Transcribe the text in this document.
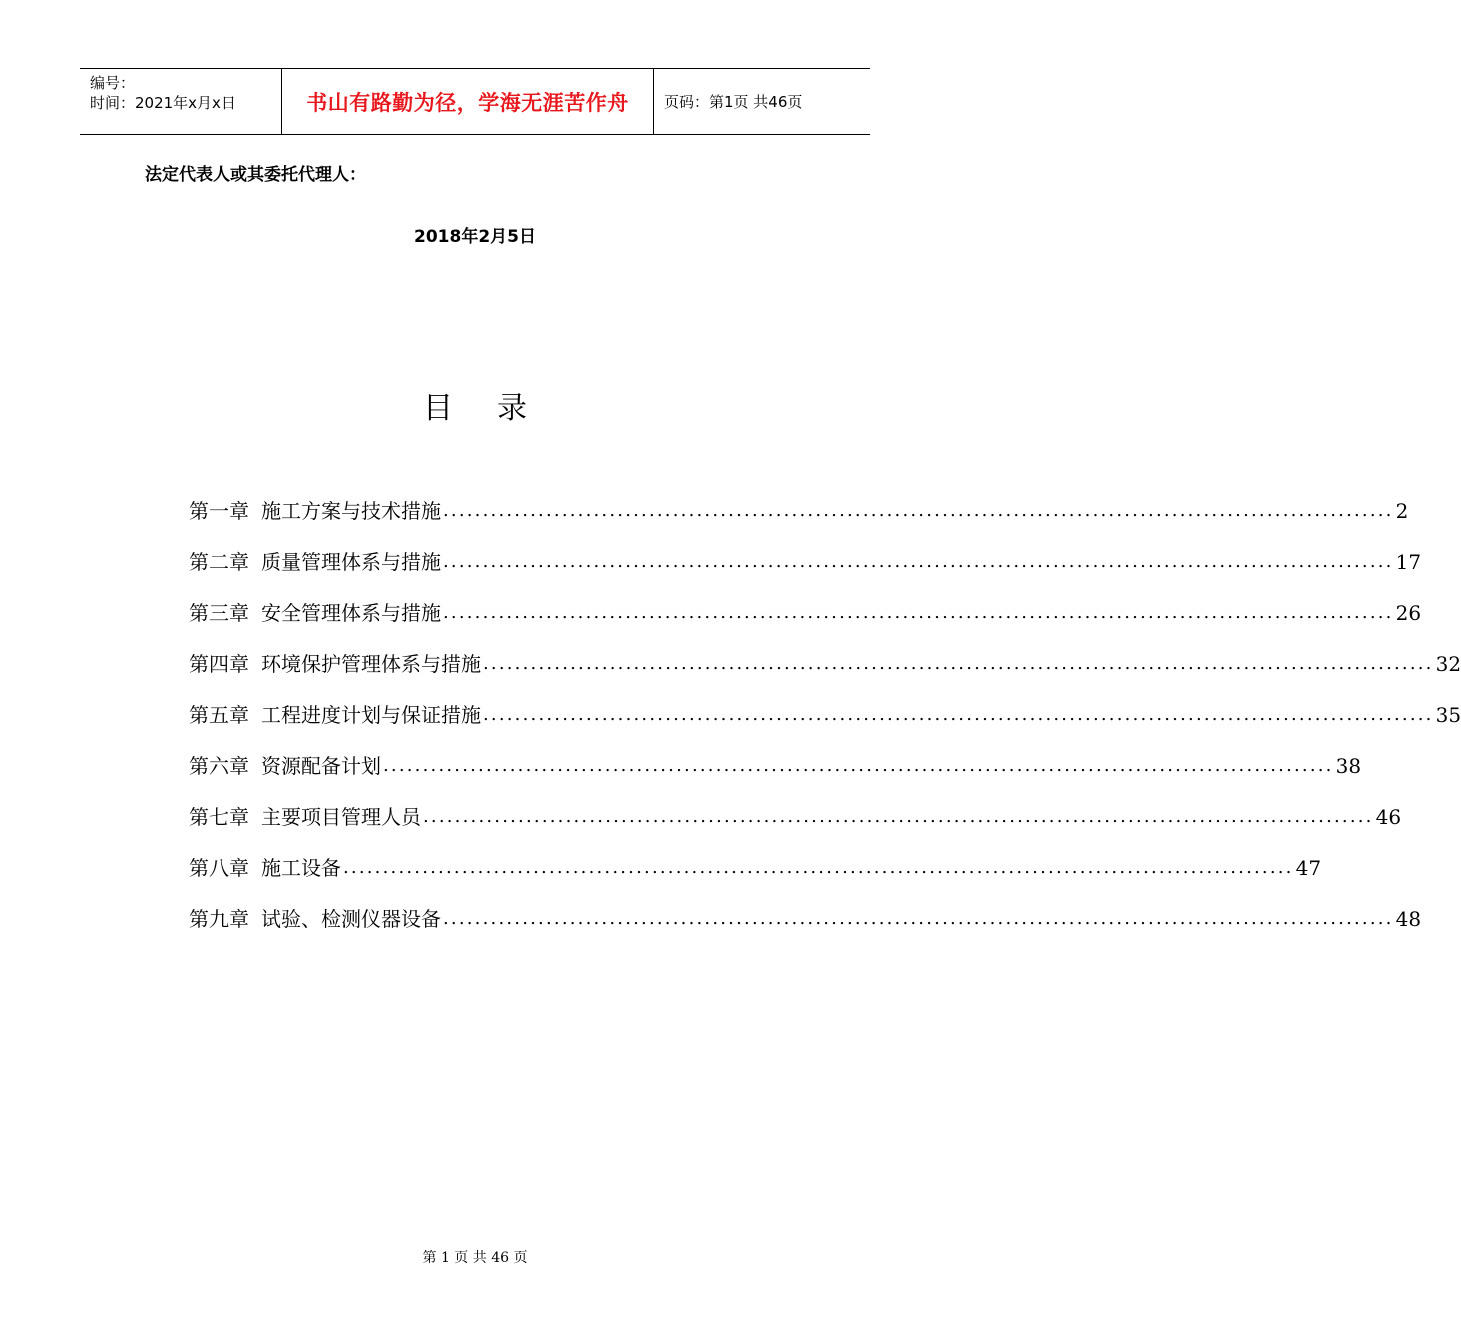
编号：
时间：2021年x月x日	书山有路勤为径，学海无涯苦作舟 页码：第1页 共46页
法定代表人或其委托代理人：
2018年2月5日
目 录
第一章 施工方案与技术措施 ........................................................................................................................ 2
第二章 质量管理体系与措施 ........................................................................................................................ 17
第三章 安全管理体系与措施 ........................................................................................................................ 26
第四章 环境保护管理体系与措施 ........................................................................................................................ 32
第五章 工程进度计划与保证措施 ........................................................................................................................ 35
第六章 资源配备计划 ........................................................................................................................ 38
第七章 主要项目管理人员 ........................................................................................................................ 46
第八章 施工设备 ........................................................................................................................ 47
第九章 试验、检测仪器设备 ........................................................................................................................ 48
第 1 页 共 46 页
